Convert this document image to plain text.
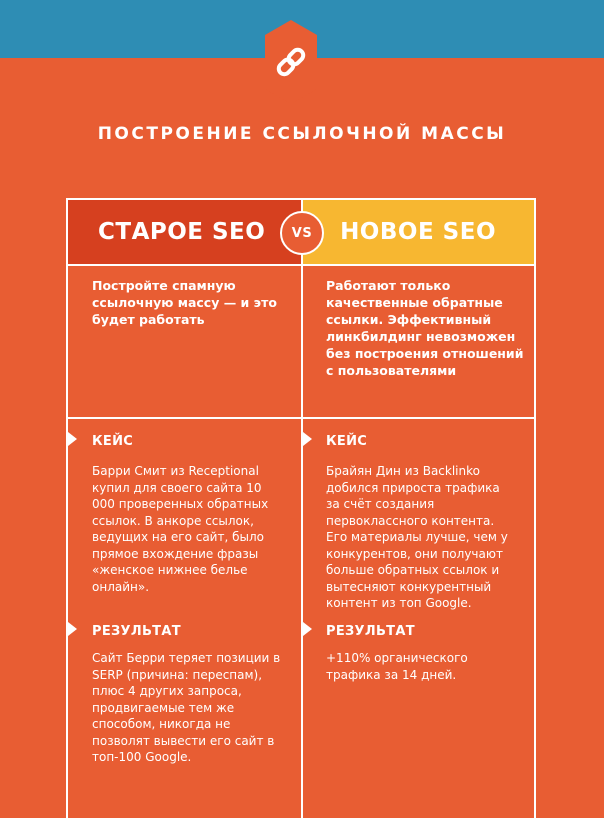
ПОСТРОЕНИЕ ССЫЛОЧНОЙ МАССЫ
СТАРОЕ SEO	НОВОЕ SEO
VS
Постройте спамную ссылочную массу — и это будет работать
Работают только качественные обратные ссылки. Эффективный линкбилдинг невозможен без построения отношений с пользователями
КЕЙС
Барри Смит из Receptional купил для своего сайта 10 000 проверенных обратных ссылок. В анкоре ссылок, ведущих на его сайт, было прямое вхождение фразы «женское нижнее белье онлайн».
КЕЙС
Брайян Дин из Backlinko добился прироста трафика за счёт создания первоклассного контента. Его материалы лучше, чем у конкурентов, они получают больше обратных ссылок и вытесняют конкурентный контент из топ Google.
РЕЗУЛЬТАТ
Сайт Берри теряет позиции в SERP (причина: переспам), плюс 4 других запроса, продвигаемые тем же способом, никогда не позволят вывести его сайт в топ-100 Google.
РЕЗУЛЬТАТ
+110% органического трафика за 14 дней.
